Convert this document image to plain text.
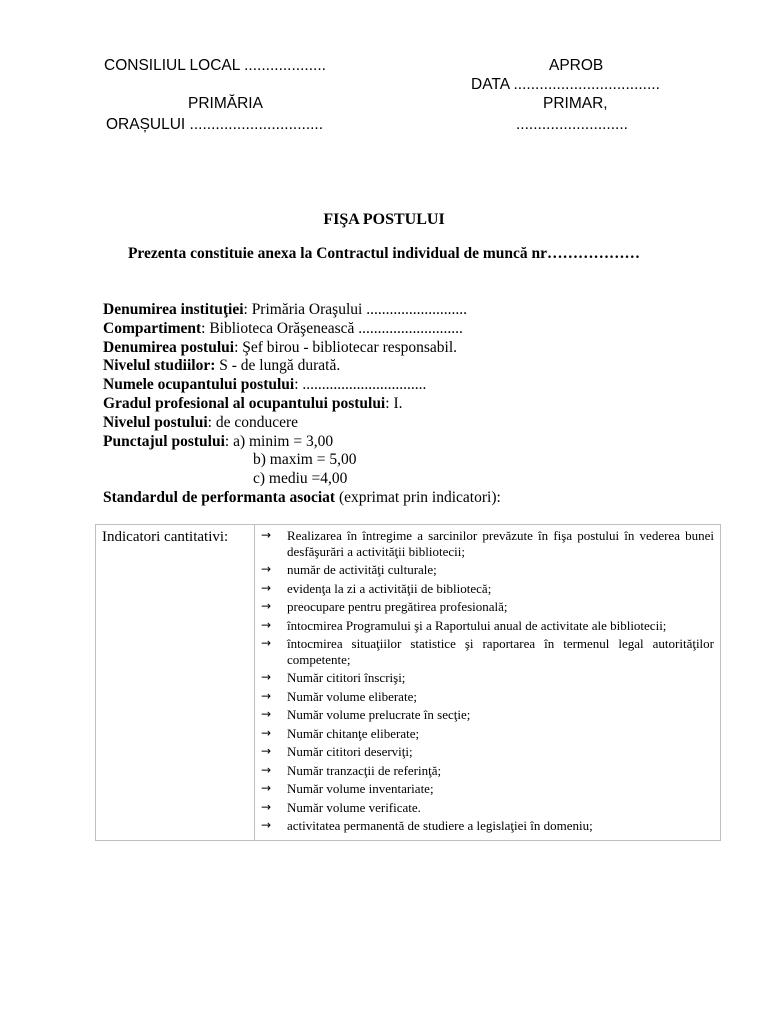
CONSILIUL LOCAL ...................
PRIMĂRIA
ORAȘULUI ...............................
APROB
DATA ..................................
PRIMAR,
..........................
FIŞA POSTULUI
Prezenta constituie anexa la Contractul individual de muncă nr………………
Denumirea instituţiei: Primăria Oraşului ..........................
Compartiment: Biblioteca Orăşenească ...........................
Denumirea postului: Şef birou - bibliotecar responsabil.
Nivelul studiilor: S - de lungă durată.
Numele ocupantului postului: ................................
Gradul profesional al ocupantului postului: I.
Nivelul postului: de conducere
Punctajul postului: a) minim = 3,00
b) maxim = 5,00
c) mediu =4,00
Standardul de performanta asociat (exprimat prin indicatori):
Indicatori cantitativi:	→	Realizarea în întregime a sarcinilor prevăzute în fişa postului în vederea bunei desfăşurări a activităţii bibliotecii;
→	număr de activităţi culturale;
→	evidenţa la zi a activităţii de bibliotecă;
→	preocupare pentru pregătirea profesională;
→	întocmirea Programului şi a Raportului anual de activitate ale bibliotecii;
→	întocmirea situaţiilor statistice şi raportarea în termenul legal autorităţilor competente;
→	Număr cititori înscrişi;
→	Număr volume eliberate;
→	Număr volume prelucrate în secţie;
→	Număr chitanţe eliberate;
→	Număr cititori deserviţi;
→	Număr tranzacţii de referinţă;
→	Număr volume inventariate;
→	Număr volume verificate.
→	activitatea permanentă de studiere a legislaţiei în domeniu;
